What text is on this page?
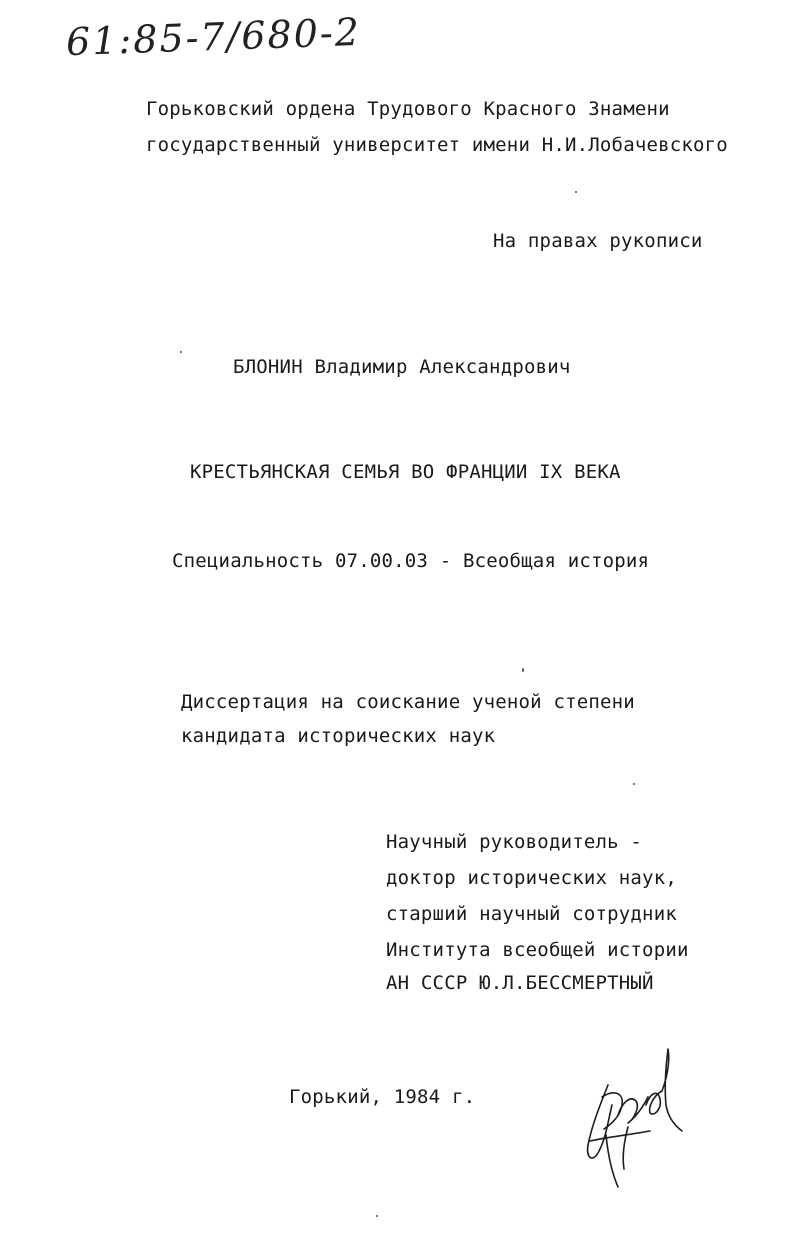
61:85-7/680-2
Горьковский ордена Трудового Красного Знамени
государственный университет имени Н.И.Лобачевского
На правах рукописи
БЛОНИН Владимир Александрович
КРЕСТЬЯНСКАЯ СЕМЬЯ ВО ФРАНЦИИ IX ВЕКА
Специальность 07.00.03 - Всеобщая история
Диссертация на соискание ученой степени
кандидата исторических наук
Научный руководитель -
доктор исторических наук,
старший научный сотрудник
Института всеобщей истории
АН СССР Ю.Л.БЕССМЕРТНЫЙ
Горький, 1984 г.
